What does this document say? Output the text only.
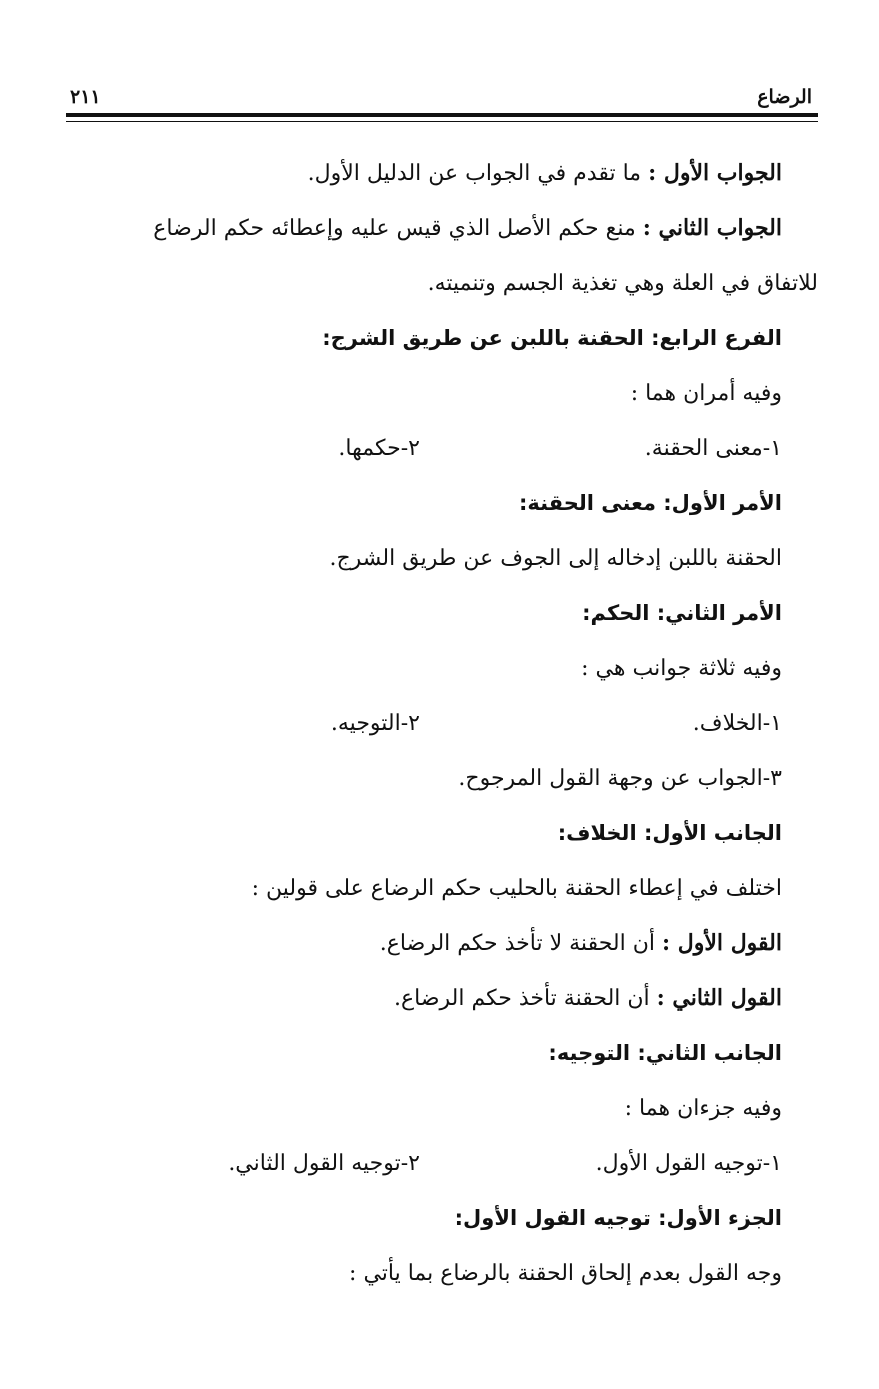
الرضاع
٢١١
الجواب الأول : ما تقدم في الجواب عن الدليل الأول.
الجواب الثاني : منع حكم الأصل الذي قيس عليه وإعطائه حكم الرضاع
للاتفاق في العلة وهي تغذية الجسم وتنميته.
الفرع الرابع: الحقنة باللبن عن طريق الشرج:
وفيه أمران هما :
١-معنى الحقنة.
٢-حكمها.
الأمر الأول: معنى الحقنة:
الحقنة باللبن إدخاله إلى الجوف عن طريق الشرج.
الأمر الثاني: الحكم:
وفيه ثلاثة جوانب هي :
١-الخلاف.
٢-التوجيه.
٣-الجواب عن وجهة القول المرجوح.
الجانب الأول: الخلاف:
اختلف في إعطاء الحقنة بالحليب حكم الرضاع على قولين :
القول الأول : أن الحقنة لا تأخذ حكم الرضاع.
القول الثاني : أن الحقنة تأخذ حكم الرضاع.
الجانب الثاني: التوجيه:
وفيه جزءان هما :
١-توجيه القول الأول.
٢-توجيه القول الثاني.
الجزء الأول: توجيه القول الأول:
وجه القول بعدم إلحاق الحقنة بالرضاع بما يأتي :
